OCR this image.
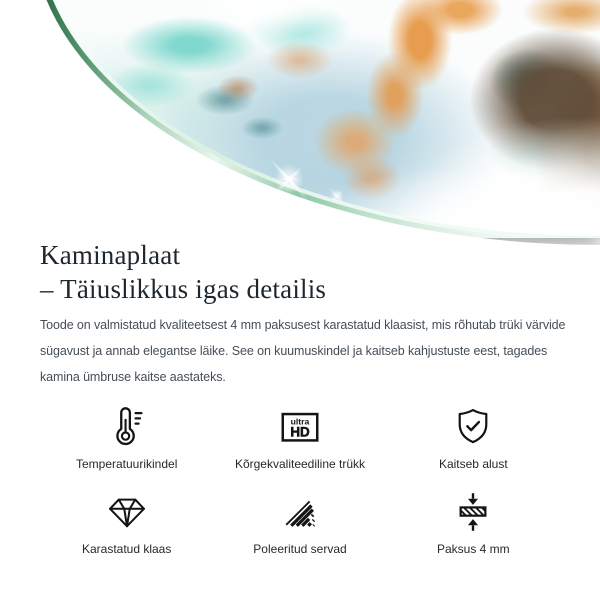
Kaminaplaat
– Täiuslikkus igas detailis

Toode on valmistatud kvaliteetsest 4 mm paksusest karastatud klaasist, mis rõhutab trüki värvide
sügavust ja annab elegantse läike. See on kuumuskindel ja kaitseb kahjustuste eest, tagades
kamina ümbruse kaitse aastateks.

Temperatuurikindel
ultra
HD
Kõrgekvaliteediline trükk	Kaitseb alust
Karastatud klaas	Poleeritud servad	Paksus 4 mm
